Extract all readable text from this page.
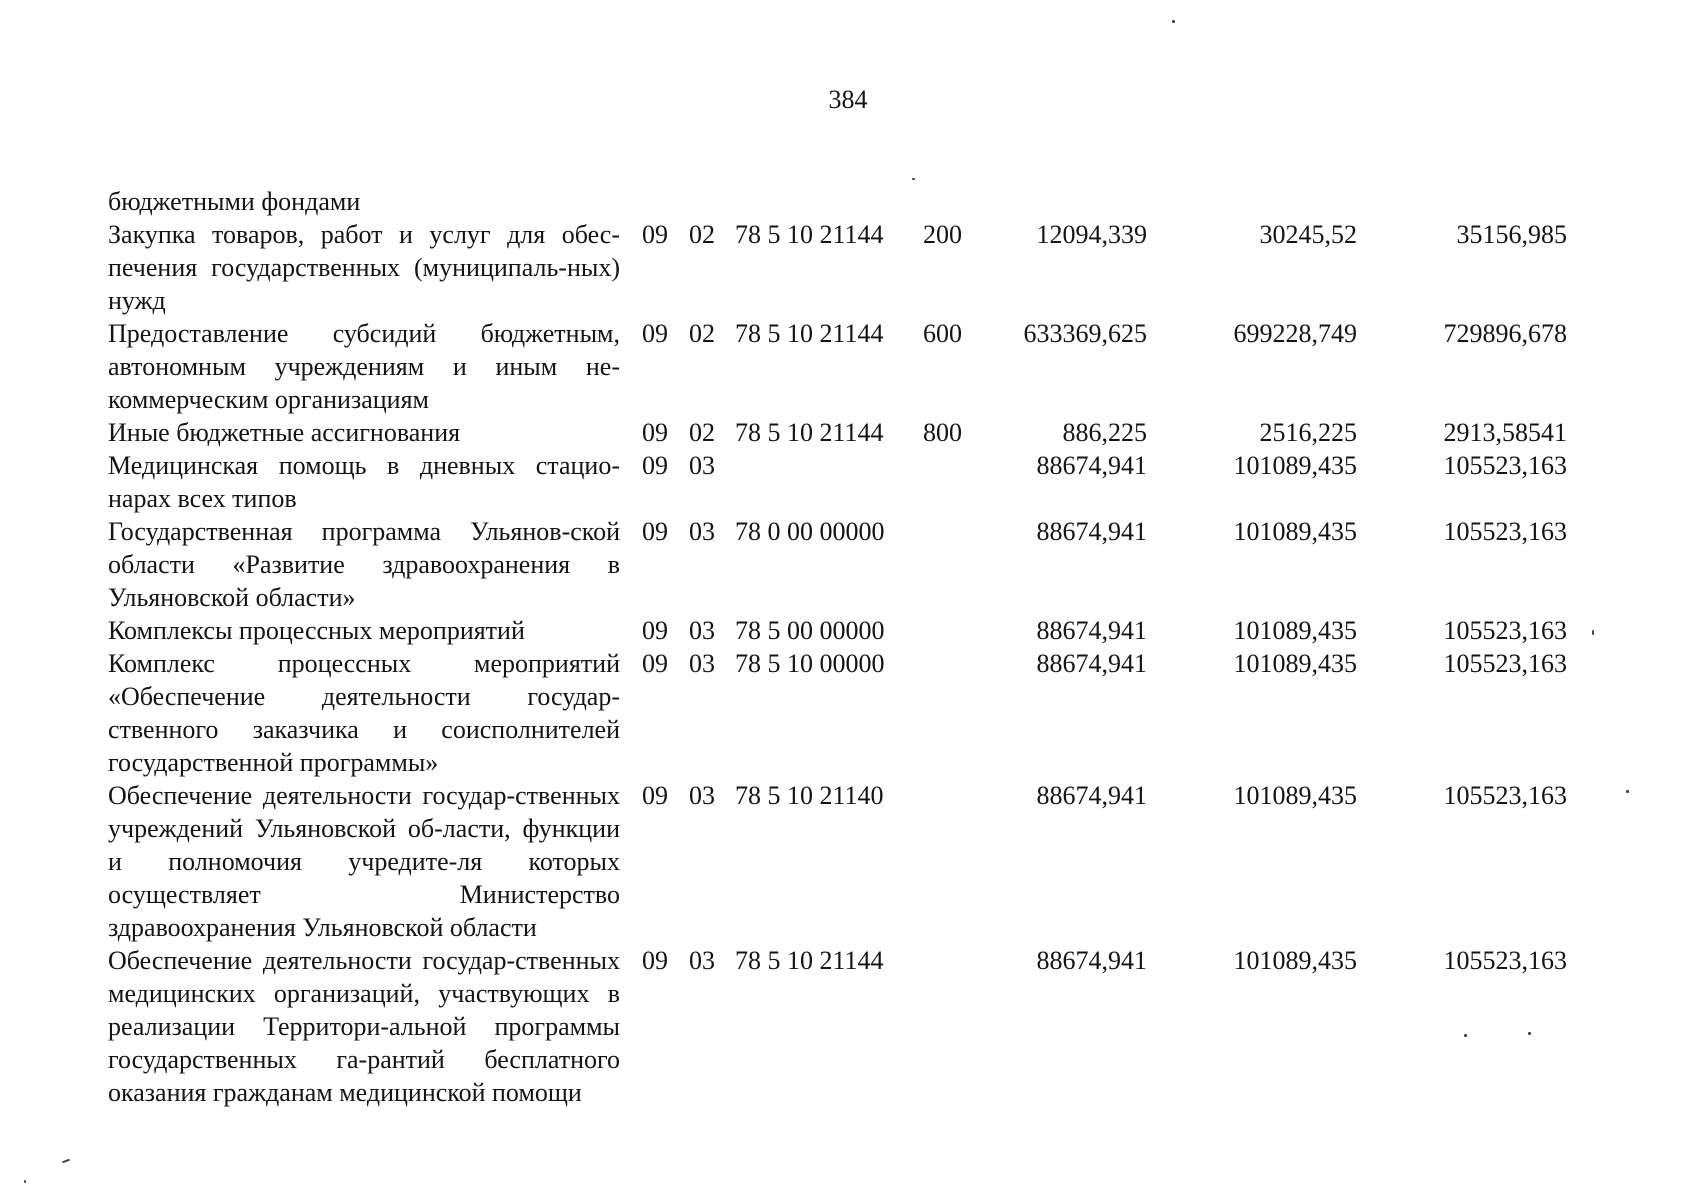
384
бюджетными фондами
Закупка товаров, работ и услуг для обес-печения государственных (муниципаль-ных) нужд	09	02	78 5 10 21144	200	12094,339	30245,52	35156,985
Предоставление субсидий бюджетным, автономным учреждениям и иным не-коммерческим организациям	09	02	78 5 10 21144	600	633369,625	699228,749	729896,678
Иные бюджетные ассигнования	09	02	78 5 10 21144	800	886,225	2516,225	2913,58541
Медицинская помощь в дневных стацио-нарах всех типов	09	03			88674,941	101089,435	105523,163
Государственная программа Ульянов-ской области «Развитие здравоохранения в Ульяновской области»	09	03	78 0 00 00000		88674,941	101089,435	105523,163
Комплексы процессных мероприятий	09	03	78 5 00 00000		88674,941	101089,435	105523,163
Комплекс процессных мероприятий «Обеспечение деятельности государ-ственного заказчика и соисполнителей государственной программы»	09	03	78 5 10 00000		88674,941	101089,435	105523,163
Обеспечение деятельности государ-ственных учреждений Ульяновской об-ласти, функции и полномочия учредите-ля которых осуществляет Министерство здравоохранения Ульяновской области	09	03	78 5 10 21140		88674,941	101089,435	105523,163
Обеспечение деятельности государ-ственных медицинских организаций, участвующих в реализации Территори-альной программы государственных га-рантий бесплатного оказания гражданам медицинской помощи	09	03	78 5 10 21144		88674,941	101089,435	105523,163
